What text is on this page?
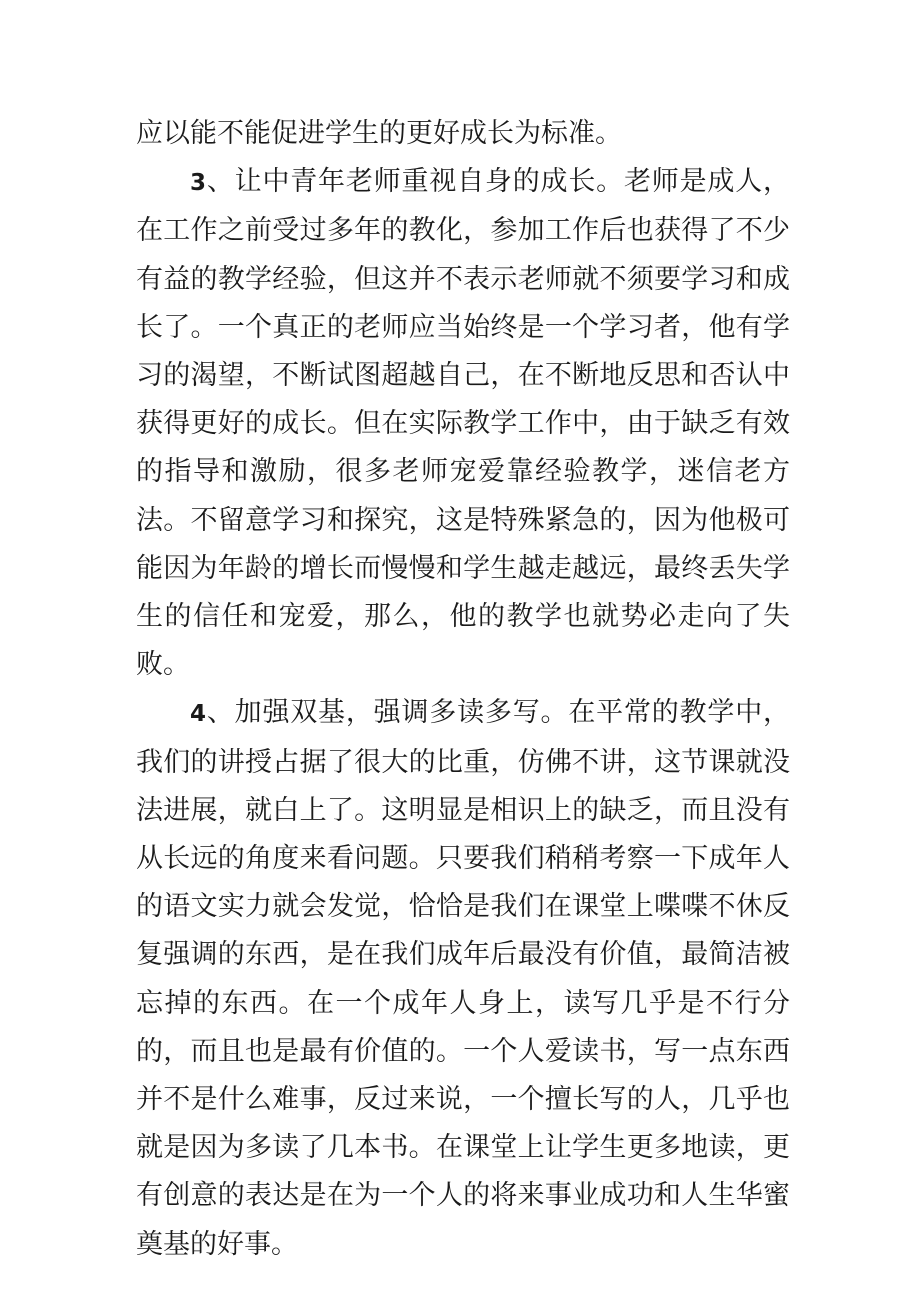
应以能不能促进学生的更好成长为标准。

3、让中青年老师重视自身的成长。老师是成人，在工作之前受过多年的教化，参加工作后也获得了不少有益的教学经验，但这并不表示老师就不须要学习和成长了。一个真正的老师应当始终是一个学习者，他有学习的渴望，不断试图超越自己，在不断地反思和否认中获得更好的成长。但在实际教学工作中，由于缺乏有效的指导和激励，很多老师宠爱靠经验教学，迷信老方法。不留意学习和探究，这是特殊紧急的，因为他极可能因为年龄的增长而慢慢和学生越走越远，最终丢失学生的信任和宠爱，那么，他的教学也就势必走向了失败。

4、加强双基，强调多读多写。在平常的教学中，我们的讲授占据了很大的比重，仿佛不讲，这节课就没法进展，就白上了。这明显是相识上的缺乏，而且没有从长远的角度来看问题。只要我们稍稍考察一下成年人的语文实力就会发觉，恰恰是我们在课堂上喋喋不休反复强调的东西，是在我们成年后最没有价值，最简洁被忘掉的东西。在一个成年人身上，读写几乎是不行分的，而且也是最有价值的。一个人爱读书，写一点东西并不是什么难事，反过来说，一个擅长写的人，几乎也就是因为多读了几本书。在课堂上让学生更多地读，更有创意的表达是在为一个人的将来事业成功和人生华蜜奠基的好事。
